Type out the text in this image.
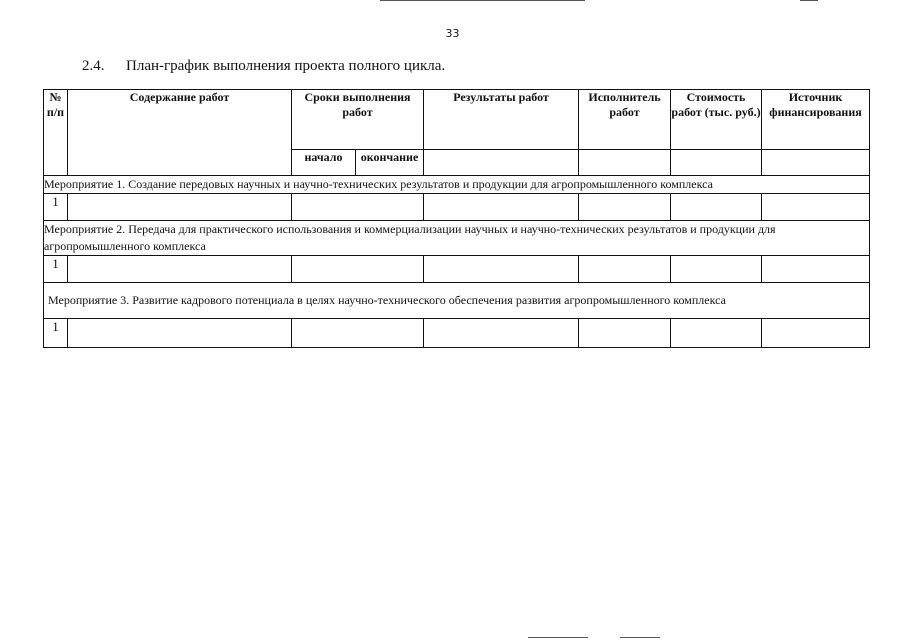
33
2.4. План-график выполнения проекта полного цикла.
№ п/п	Содержание работ	Сроки выполнения работ		Результаты работ	Исполнитель работ	Стоимость работ (тыс. руб.)	Источник финансирования
		начало	окончание				
Мероприятие 1. Создание передовых научных и научно-технических результатов и продукции для агропромышленного комплекса							
1							
Мероприятие 2. Передача для практического использования и коммерциализации научных и научно-технических результатов и продукции для агропромышленного комплекса							
1							
Мероприятие 3. Развитие кадрового потенциала в целях научно-технического обеспечения развития агропромышленного комплекса							
1							
